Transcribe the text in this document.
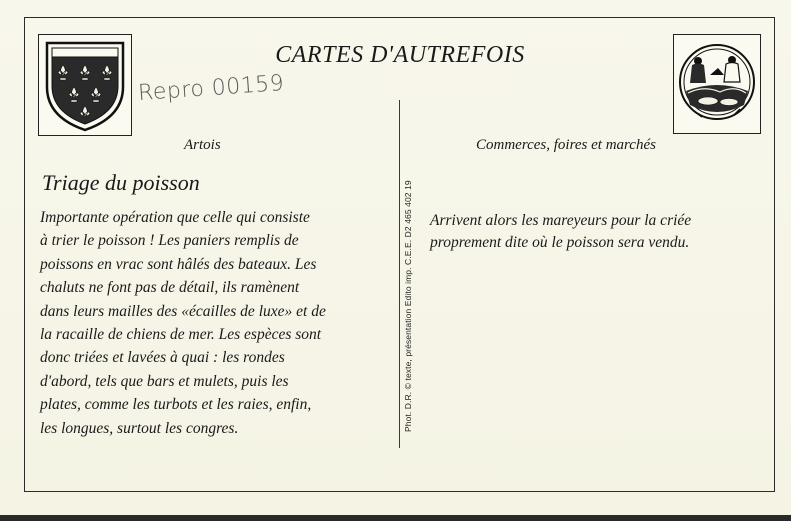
CARTES D'AUTREFOIS
Repro 00159
Artois	Commerces, foires et marchés
Triage du poisson
Importante opération que celle qui consiste
à trier le poisson ! Les paniers remplis de
poissons en vrac sont hâlés des bateaux. Les
chaluts ne font pas de détail, ils ramènent
dans leurs mailles des «écailles de luxe» et de
la racaille de chiens de mer. Les espèces sont
donc triées et lavées à quai : les rondes
d'abord, tels que bars et mulets, puis les
plates, comme les turbots et les raies, enfin,
les longues, surtout les congres.	Phot. D.R. © texte, présentation Edito imp. C.E.E. D2 465 402 19 Arrivent alors les mareyeurs pour la criée
proprement dite où le poisson sera vendu.
